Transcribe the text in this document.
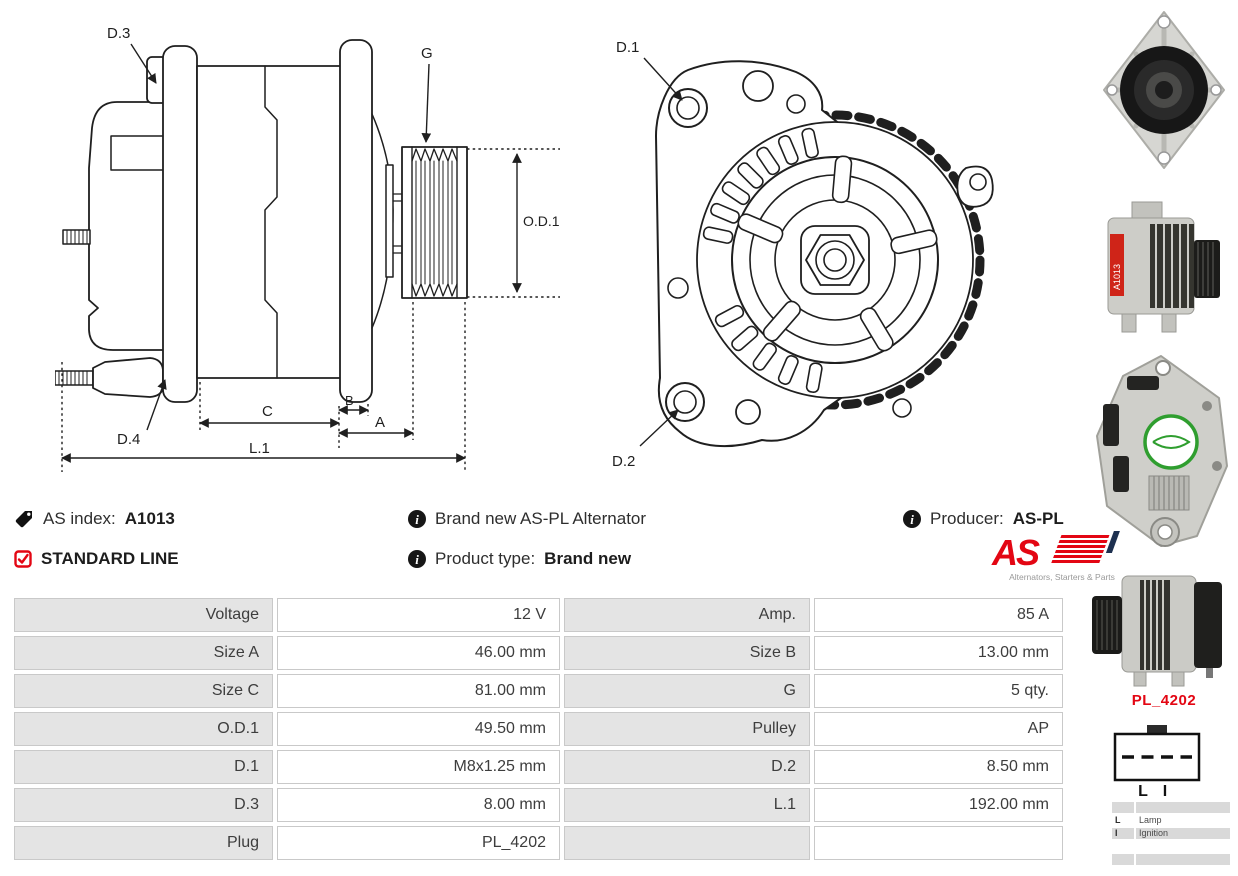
D.3
G
O.D.1
D.4
C
B
A
L.1
D.1
D.2
A1013
AS index: A1013
STANDARD LINE
i Brand new AS-PL Alternator
i Product type: Brand new
i Producer: AS-PL
AS
Alternators, Starters & Parts
Voltage	12 V	Amp.	85 A
Size A	46.00 mm	Size B	13.00 mm
Size C	81.00 mm	G	5 qty.
O.D.1	49.50 mm	Pulley	AP
D.1	M8x1.25 mm	D.2	8.50 mm
D.3	8.00 mm	L.1	192.00 mm
Plug	PL_4202
PL_4202
L I
L	Lamp
I	Ignition
